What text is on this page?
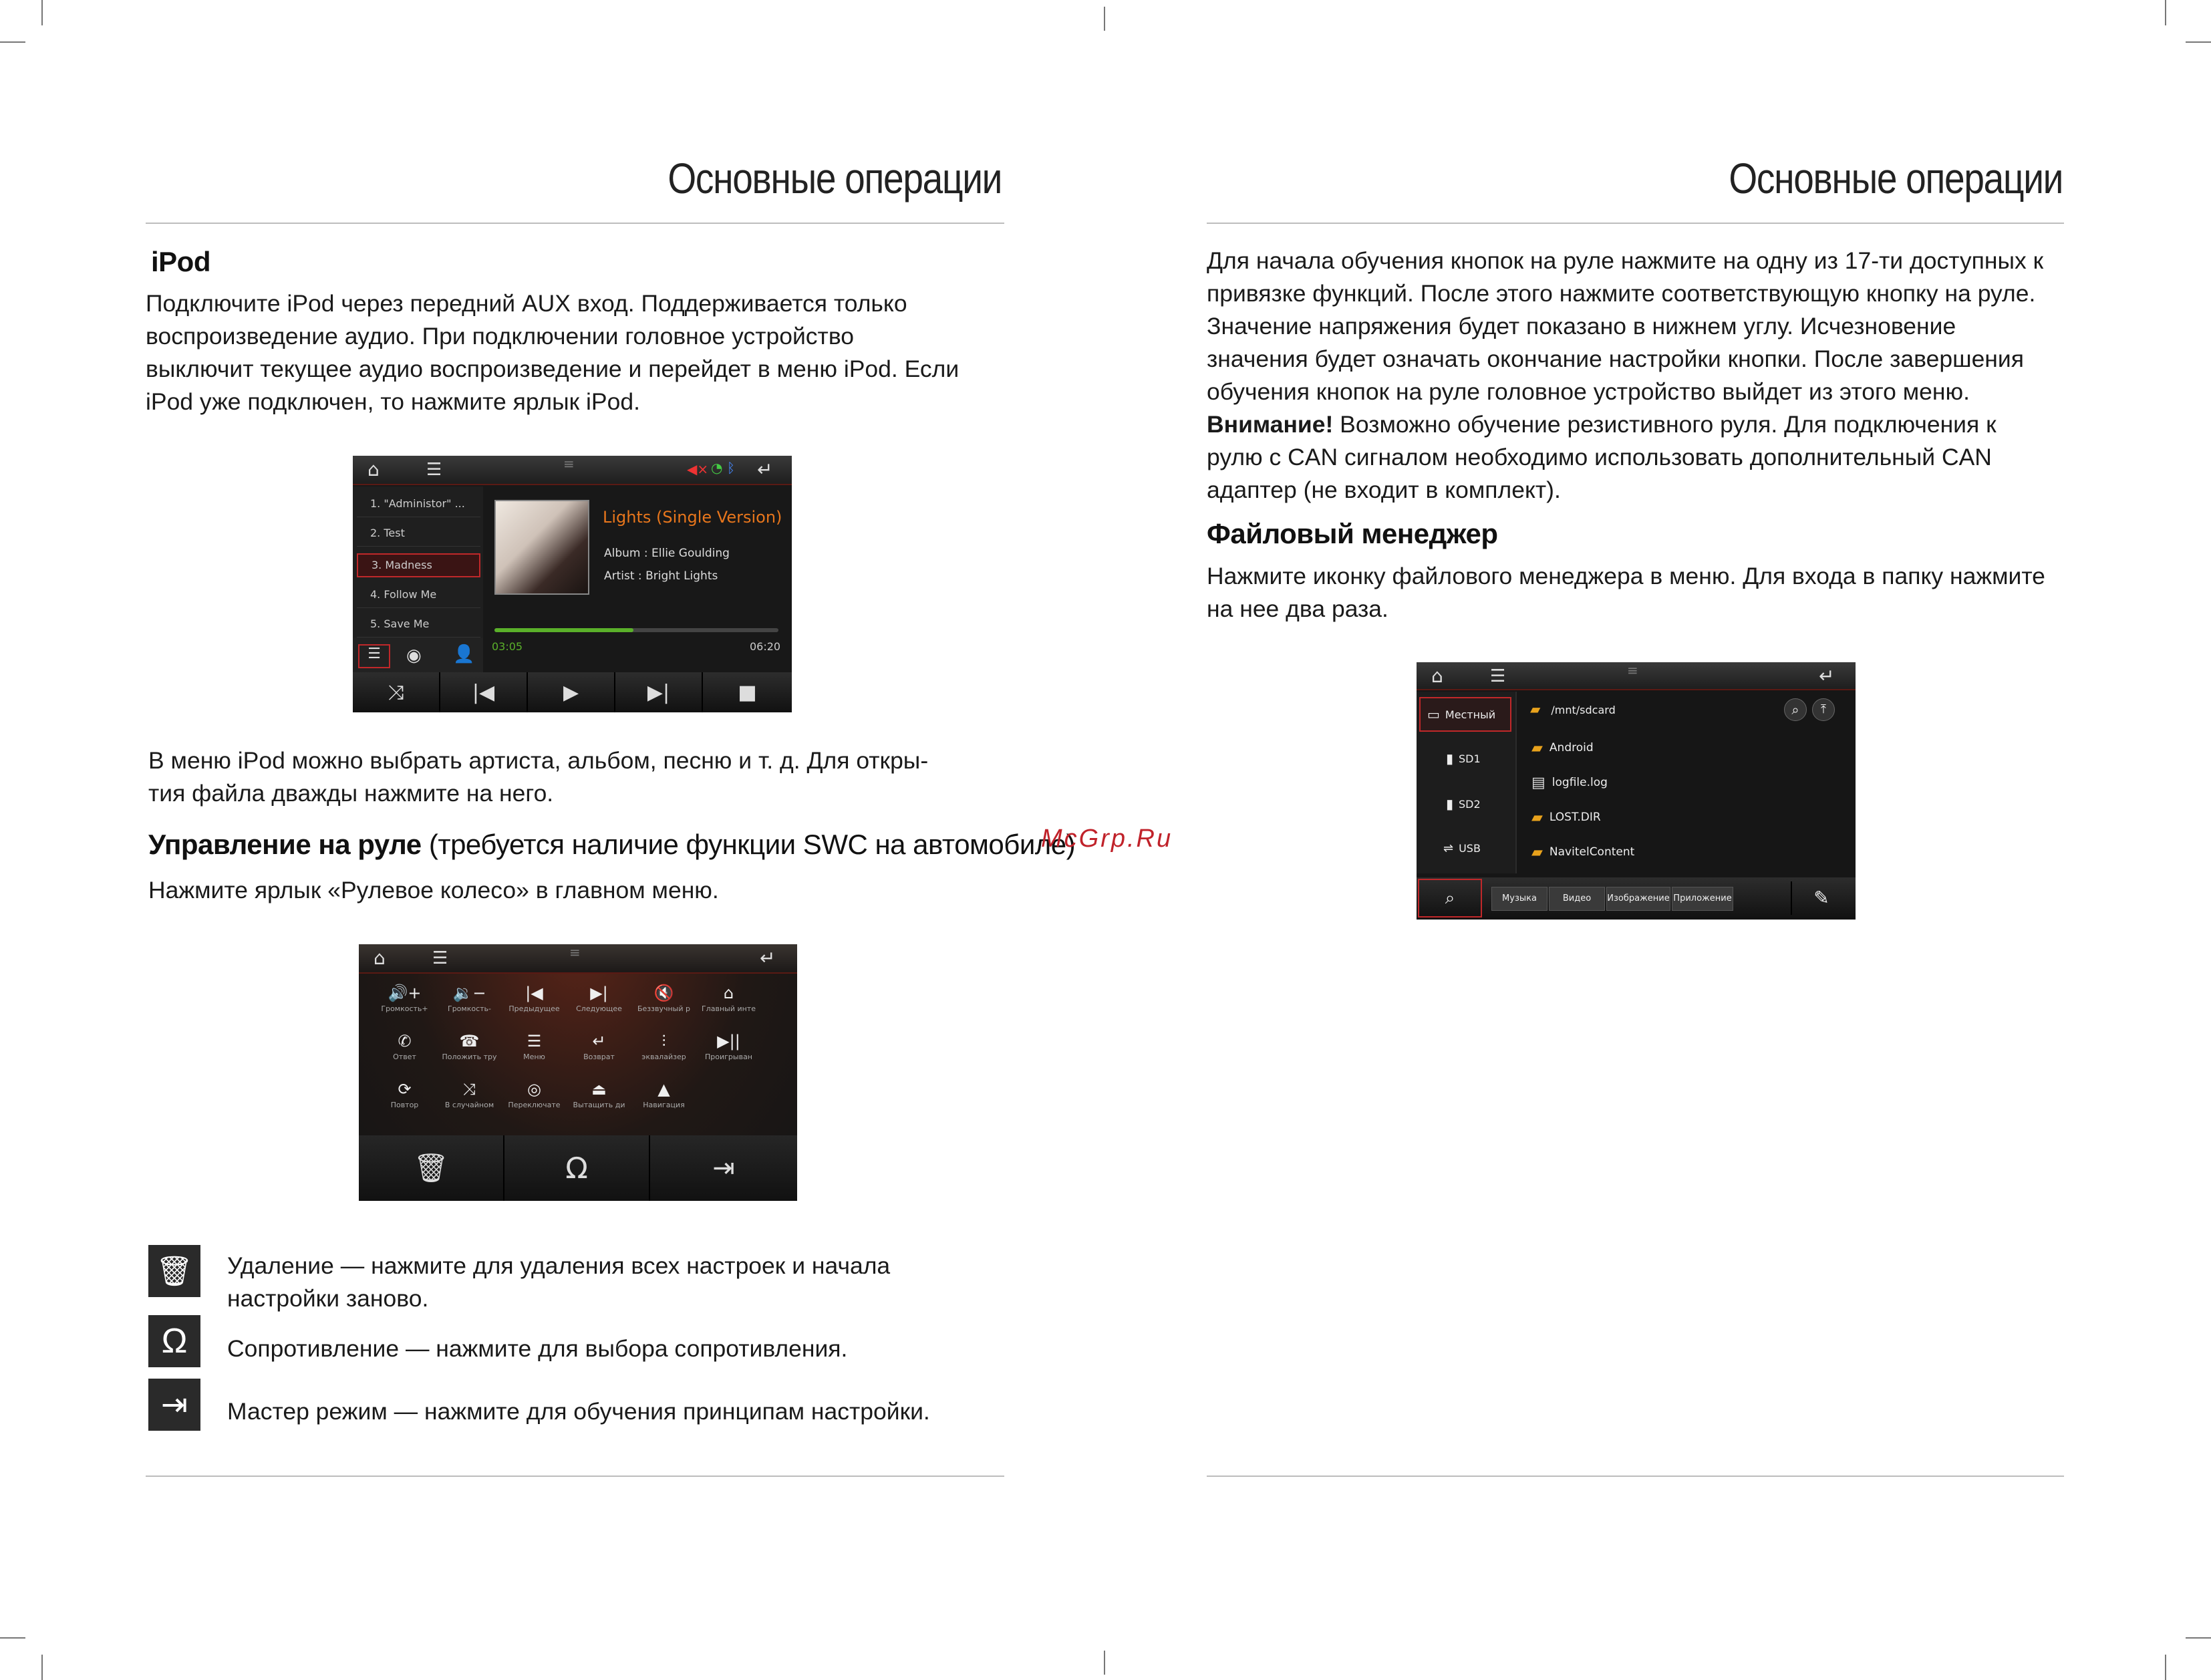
Основные операции
iPod
Подключите iPod через передний AUX вход. Поддерживается только
воспроизведение аудио. При подключении головное устройство
выключит текущее аудио воспроизведение и перейдет в меню iPod. Если
iPod уже подключен, то нажмите ярлык iPod.
⌂	☰	≡	◀× ◔ ᛒ ↵
1. "Administor" ...
2. Test
3. Madness
4. Follow Me
5. Save Me
☰	◉ 👤
Lights (Single Version)
Album : Ellie Goulding
Artist : Bright Lights
03:05	06:20
⤨	|◀	▶	▶|	■
В меню iPod можно выбрать артиста, альбом, песню и т. д. Для откры-
тия файла дважды нажмите на него.
Управление на руле (требуется наличие функции SWC на автомобиле)
Нажмите ярлык «Рулевое колесо» в главном меню.
⌂	☰	≡	↵
🔊+
Громкость+
🔉−
Громкость-
|◀
Предыдущее
▶|
Следующее
🔇
Беззвучный р
⌂
Главный инте
✆
Ответ
☎
Положить тру
☰
Меню
↵
Возврат
⫶
эквалайзер
▶||
Проигрыван
⟳
Повтор
⤨
В случайном
◎
Переключате
⏏
Вытащить ди
▲
Навигация
🗑	Ω	⇥
🗑	Удаление — нажмите для удаления всех настроек и начала
настройки заново.
Ω	Сопротивление — нажмите для выбора сопротивления.
⇥	Мастер режим — нажмите для обучения принципам настройки.
McGrp.Ru
Основные операции
Для начала обучения кнопок на руле нажмите на одну из 17-ти доступных к
привязке функций. После этого нажмите соответствующую кнопку на руле.
Значение напряжения будет показано в нижнем углу. Исчезновение
значения будет означать окончание настройки кнопки. После завершения
обучения кнопок на руле головное устройство выйдет из этого меню.
Внимание! Возможно обучение резистивного руля. Для подключения к
рулю с CAN сигналом необходимо использовать дополнительный CAN
адаптер (не входит в комплект).
Файловый менеджер
Нажмите иконку файлового менеджера в меню. Для входа в папку нажмите
на нее два раза.
⌂	☰	≡	↵
▭ Местный
▮ SD1
▮ SD2
⇌ USB
▰ /mnt/sdcard	⌕	⤒
▰ Android
▤ logfile.log
▰ LOST.DIR
▰ NavitelContent
⌕	Музыка	Видео	Изображение Приложение	✎
